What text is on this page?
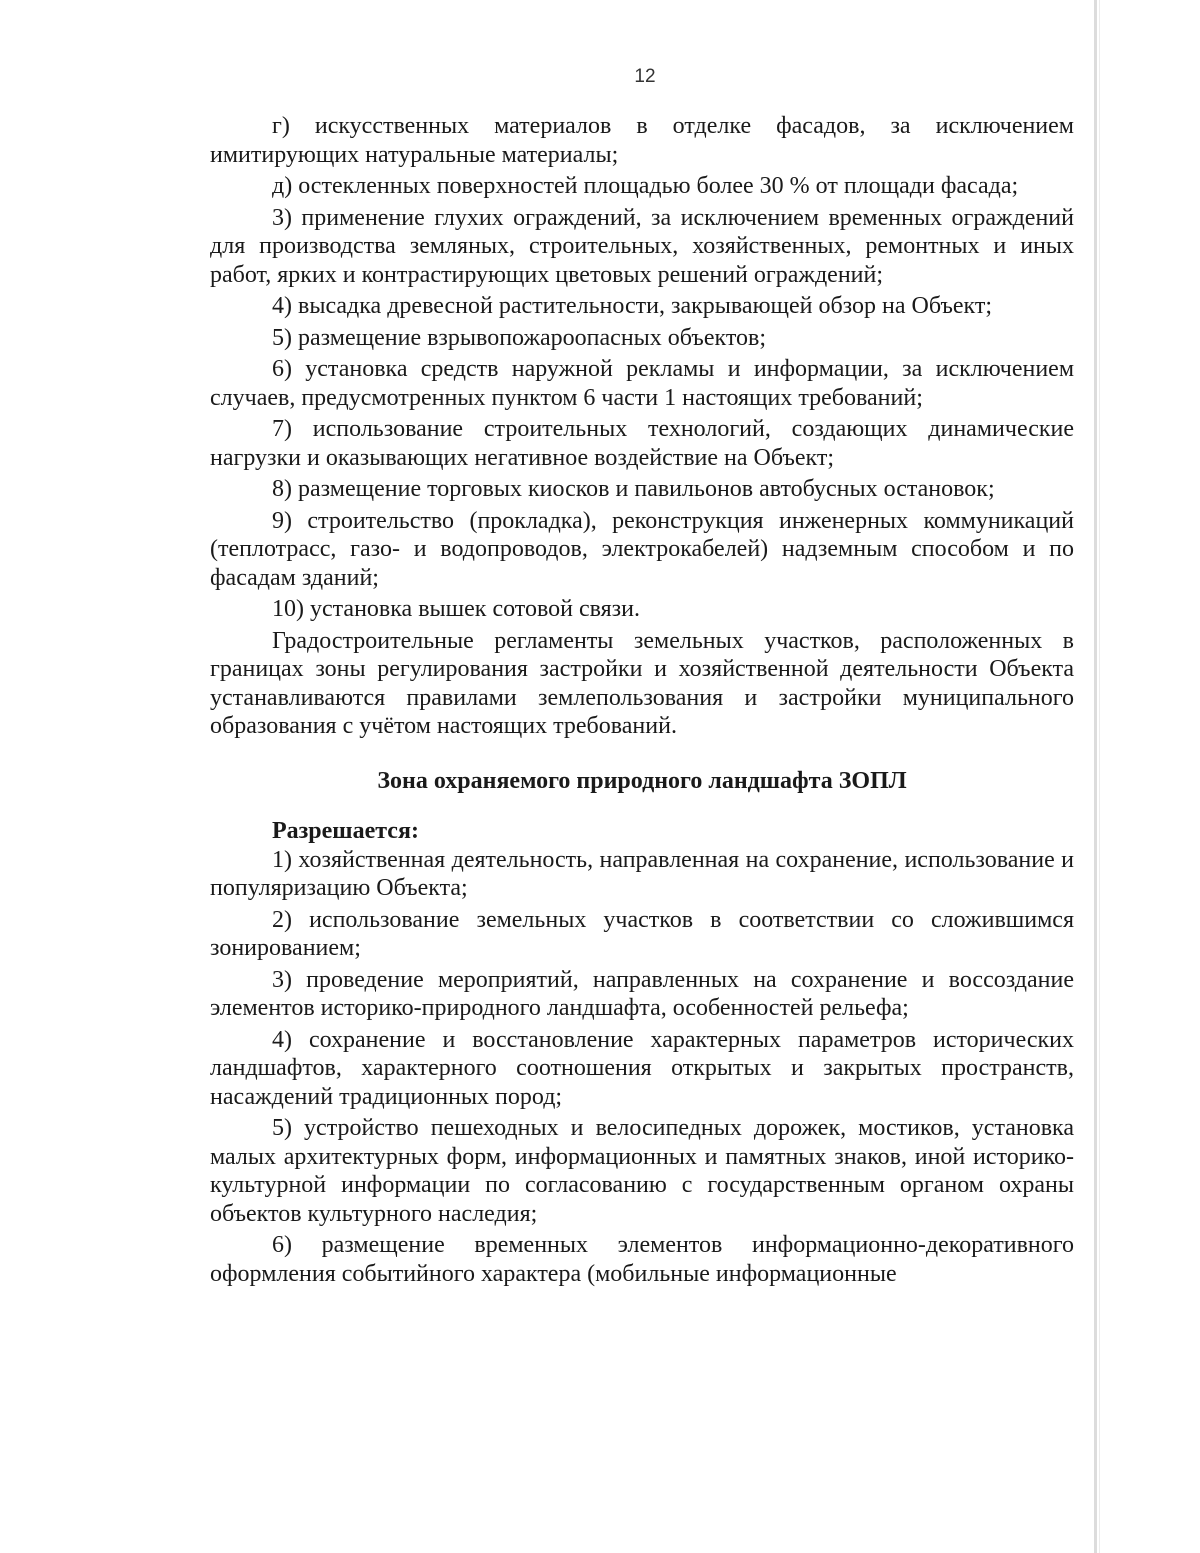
12

г) искусственных материалов в отделке фасадов, за исключением имитирующих натуральные материалы;

д) остекленных поверхностей площадью более 30 % от площади фасада;

3) применение глухих ограждений, за исключением временных ограждений для производства земляных, строительных, хозяйственных, ремонтных и иных работ, ярких и контрастирующих цветовых решений ограждений;

4) высадка древесной растительности, закрывающей обзор на Объект;

5) размещение взрывопожароопасных объектов;

6) установка средств наружной рекламы и информации, за исключением случаев, предусмотренных пунктом 6 части 1 настоящих требований;

7) использование строительных технологий, создающих динамические нагрузки и оказывающих негативное воздействие на Объект;

8) размещение торговых киосков и павильонов автобусных остановок;

9) строительство (прокладка), реконструкция инженерных коммуникаций (теплотрасс, газо- и водопроводов, электрокабелей) надземным способом и по фасадам зданий;

10) установка вышек сотовой связи.

Градостроительные регламенты земельных участков, расположенных в границах зоны регулирования застройки и хозяйственной деятельности Объекта устанавливаются правилами землепользования и застройки муниципального образования с учётом настоящих требований.

Зона охраняемого природного ландшафта ЗОПЛ
Разрешается:

1) хозяйственная деятельность, направленная на сохранение, использование и популяризацию Объекта;

2) использование земельных участков в соответствии со сложившимся зонированием;

3) проведение мероприятий, направленных на сохранение и воссоздание элементов историко-природного ландшафта, особенностей рельефа;

4) сохранение и восстановление характерных параметров исторических ландшафтов, характерного соотношения открытых и закрытых пространств, насаждений традиционных пород;

5) устройство пешеходных и велосипедных дорожек, мостиков, установка малых архитектурных форм, информационных и памятных знаков, иной историко-культурной информации по согласованию с государственным органом охраны объектов культурного наследия;

6) размещение временных элементов информационно-декоративного оформления событийного характера (мобильные информационные
